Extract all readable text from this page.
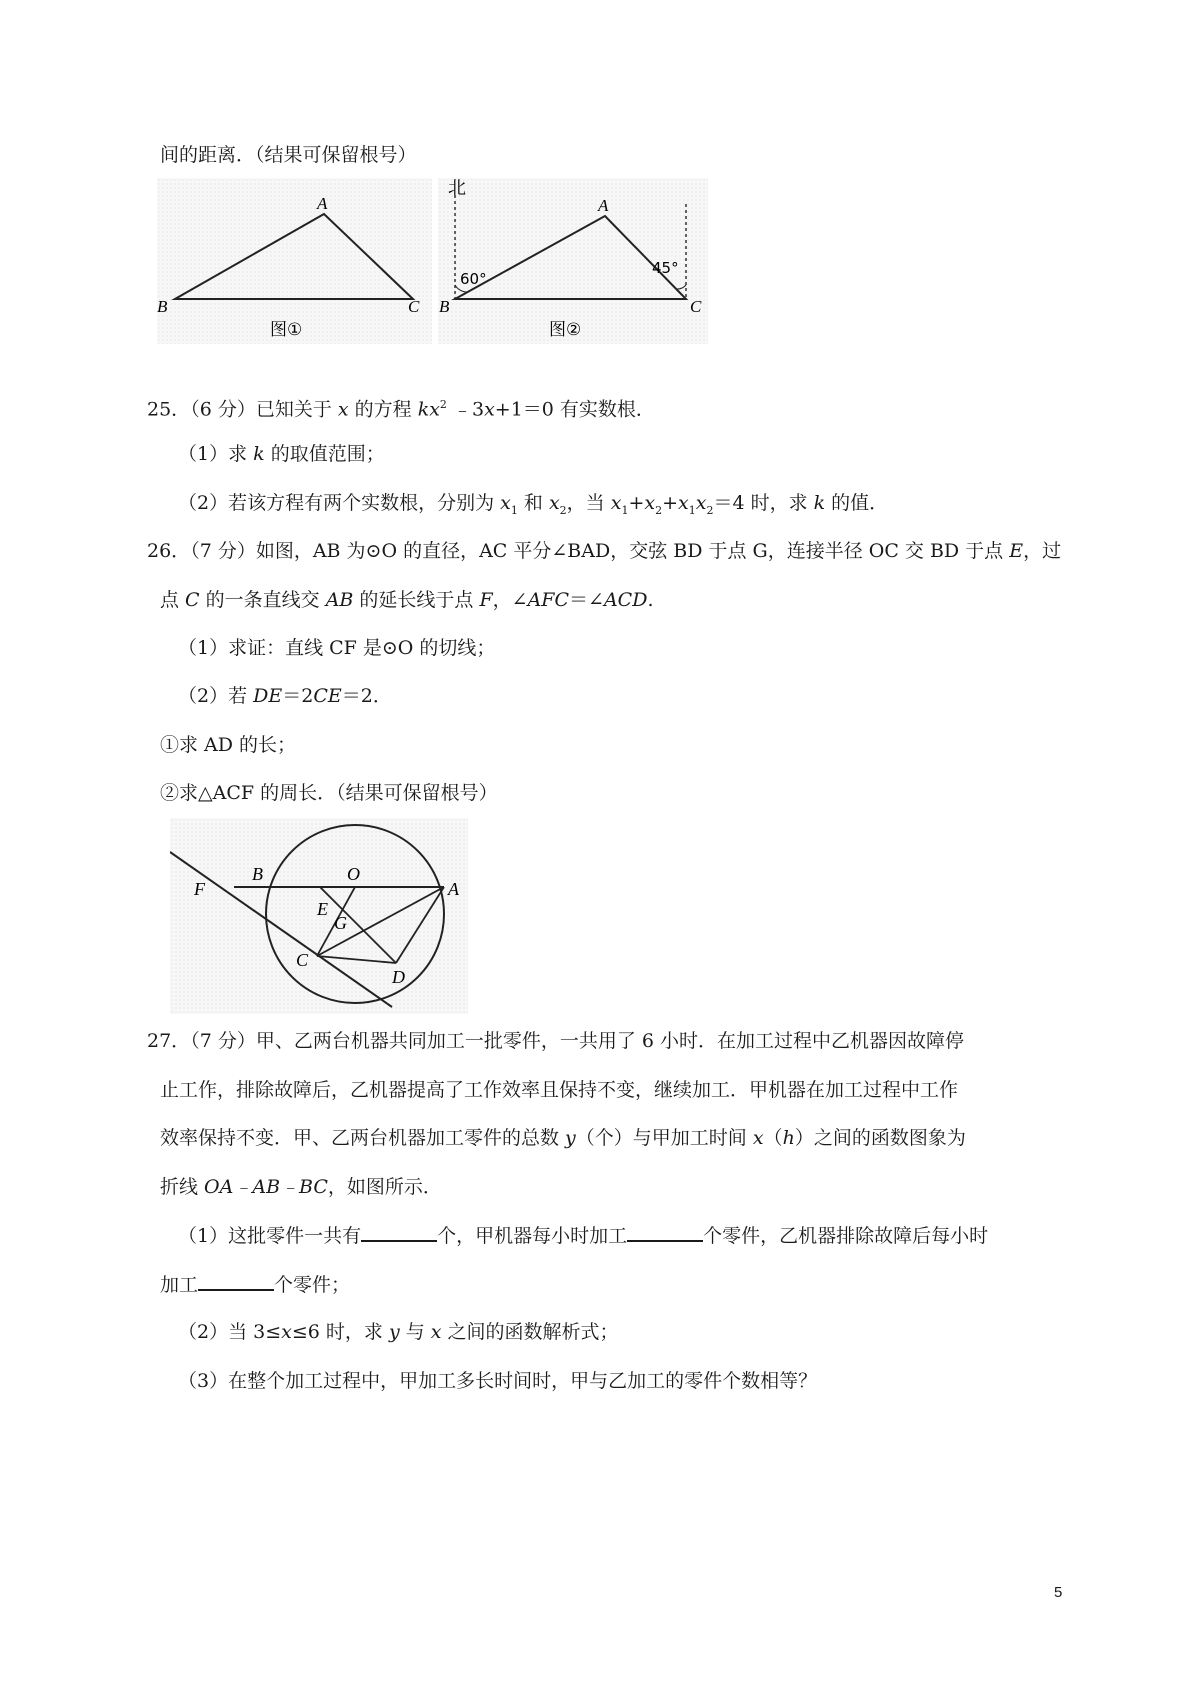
间的距离．（结果可保留根号）
A
B	C
图①
北
A
B	C
60°
45°
图②
25．（6 分）已知关于 x 的方程 $kx^2$ ﹣3x+1＝0 有实数根．
（1）求 k 的取值范围；
（2）若该方程有两个实数根，分别为 $x_1$ 和 $x_2$，当 $x_1+x_2+x_1x_2=4$ 时，求 k 的值．
26．（7 分）如图，AB 为⊙O 的直径，AC 平分∠BAD，交弦 BD 于点 G，连接半径 OC 交 BD 于点 E，过
点 C 的一条直线交 AB 的延长线于点 F，∠AFC＝∠ACD.
（1）求证：直线 CF 是⊙O 的切线；
（2）若 DE＝2CE＝2．
①求 AD 的长；
②求△ACF 的周长．（结果可保留根号）
B	O
A
F
E
G
C
D
27．（7 分）甲、乙两台机器共同加工一批零件，一共用了 6 小时．在加工过程中乙机器因故障停
止工作，排除故障后，乙机器提高了工作效率且保持不变，继续加工．甲机器在加工过程中工作
效率保持不变．甲、乙两台机器加工零件的总数 y（个）与甲加工时间 x（h）之间的函数图象为
折线 OA﹣AB﹣BC，如图所示．
（1）这批零件一共有	个，甲机器每小时加工	个零件，乙机器排除故障后每小时
加工	个零件；
（2）当 3≤x≤6 时，求 y 与 x 之间的函数解析式；
（3）在整个加工过程中，甲加工多长时间时，甲与乙加工的零件个数相等？
5
